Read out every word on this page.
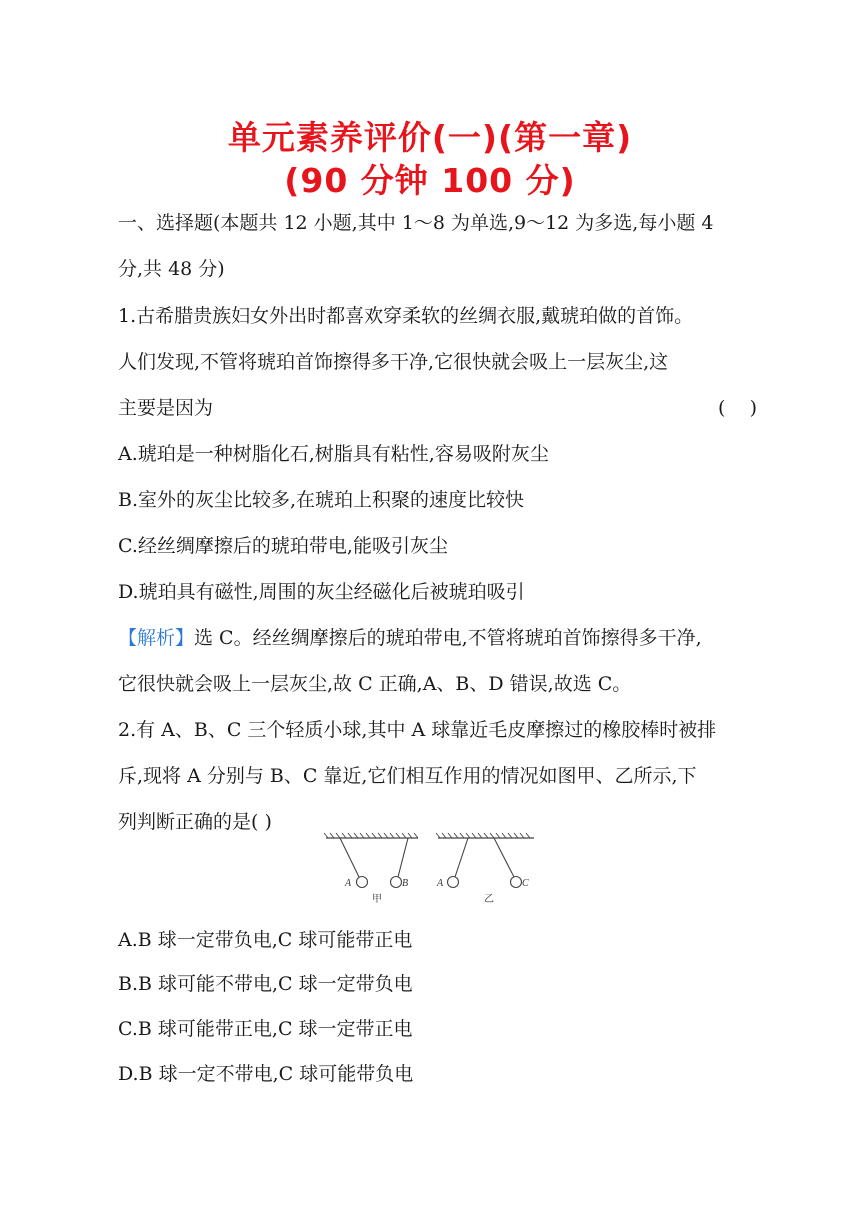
单元素养评价(一)(第一章)
(90 分钟 100 分)
一、选择题(本题共 12 小题,其中 1～8 为单选,9～12 为多选,每小题 4
分,共 48 分)
1.古希腊贵族妇女外出时都喜欢穿柔软的丝绸衣服,戴琥珀做的首饰。
人们发现,不管将琥珀首饰擦得多干净,它很快就会吸上一层灰尘,这
主要是因为	(    )
A.琥珀是一种树脂化石,树脂具有粘性,容易吸附灰尘
B.室外的灰尘比较多,在琥珀上积聚的速度比较快
C.经丝绸摩擦后的琥珀带电,能吸引灰尘
D.琥珀具有磁性,周围的灰尘经磁化后被琥珀吸引
【解析】选 C。经丝绸摩擦后的琥珀带电,不管将琥珀首饰擦得多干净,
它很快就会吸上一层灰尘,故 C 正确,A、B、D 错误,故选 C。
2.有 A、B、C 三个轻质小球,其中 A 球靠近毛皮摩擦过的橡胶棒时被排
斥,现将 A 分别与 B、C 靠近,它们相互作用的情况如图甲、乙所示,下
列判断正确的是( )
A	B
甲
A	C
乙
A.B 球一定带负电,C 球可能带正电
B.B 球可能不带电,C 球一定带负电
C.B 球可能带正电,C 球一定带正电
D.B 球一定不带电,C 球可能带负电
